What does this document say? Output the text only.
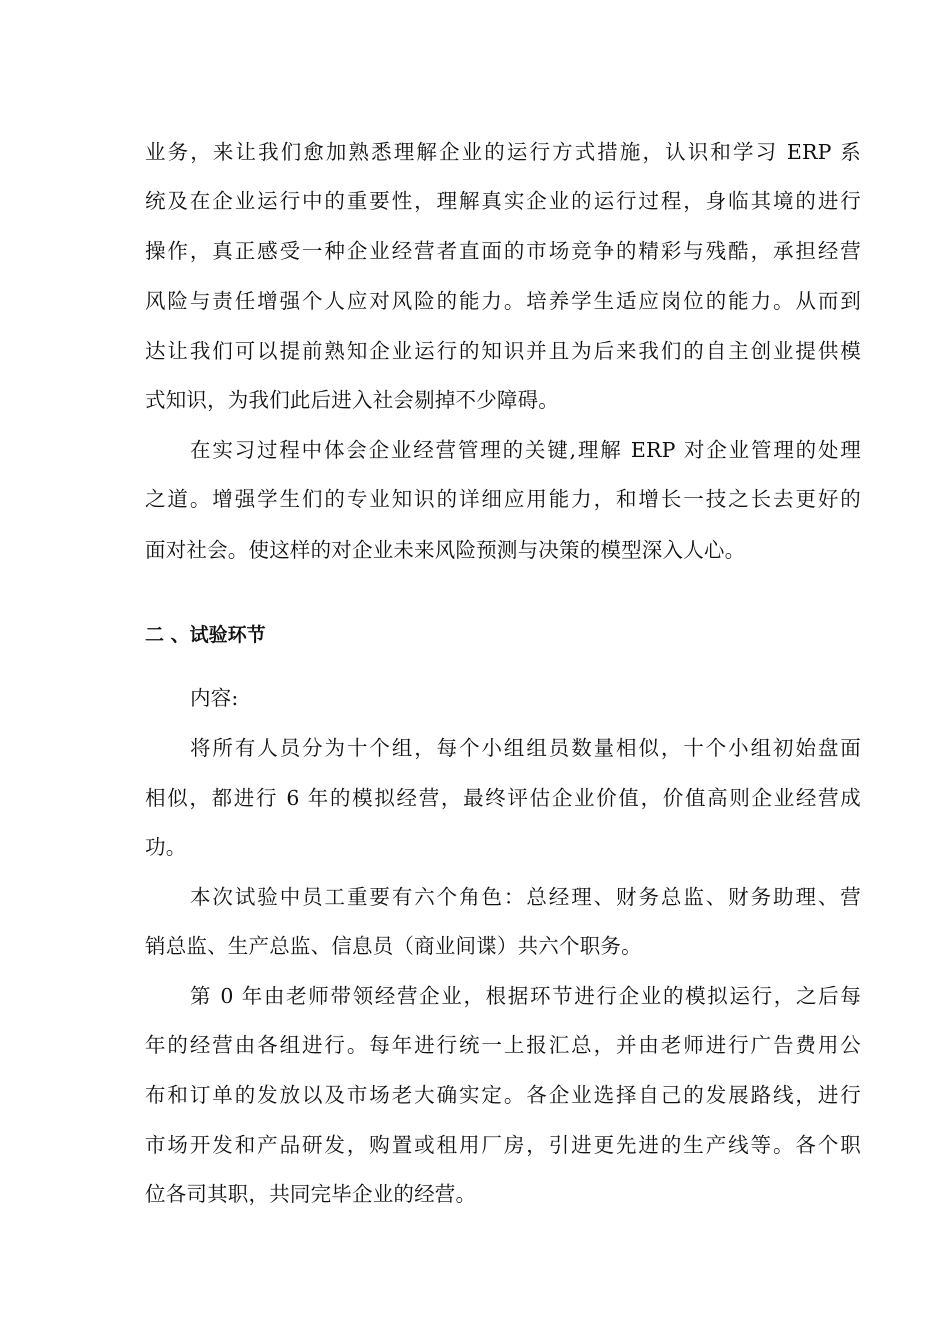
业务，来让我们愈加熟悉理解企业的运行方式措施，认识和学习 ERP 系
统及在企业运行中的重要性，理解真实企业的运行过程，身临其境的进行
操作，真正感受一种企业经营者直面的市场竞争的精彩与残酷，承担经营
风险与责任增强个人应对风险的能力。培养学生适应岗位的能力。从而到
达让我们可以提前熟知企业运行的知识并且为后来我们的自主创业提供模
式知识，为我们此后进入社会剔掉不少障碍。
在实习过程中体会企业经营管理的关键,理解 ERP 对企业管理的处理
之道。增强学生们的专业知识的详细应用能力，和增长一技之长去更好的
面对社会。使这样的对企业未来风险预测与决策的模型深入人心。
二 、试验环节
内容:
将所有人员分为十个组，每个小组组员数量相似，十个小组初始盘面
相似，都进行 6 年的模拟经营，最终评估企业价值，价值高则企业经营成
功。
本次试验中员工重要有六个角色：总经理、财务总监、财务助理、营
销总监、生产总监、信息员（商业间谍）共六个职务。
第 0 年由老师带领经营企业，根据环节进行企业的模拟运行，之后每
年的经营由各组进行。每年进行统一上报汇总，并由老师进行广告费用公
布和订单的发放以及市场老大确实定。各企业选择自己的发展路线，进行
市场开发和产品研发，购置或租用厂房，引进更先进的生产线等。各个职
位各司其职，共同完毕企业的经营。
